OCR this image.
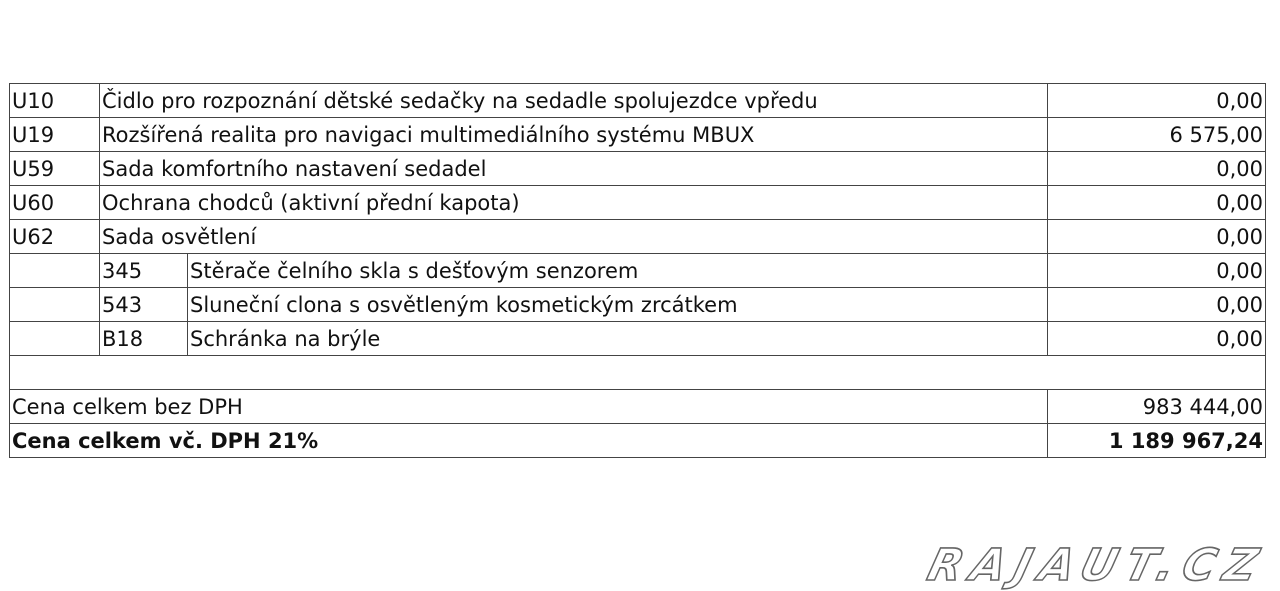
U10	Čidlo pro rozpoznání dětské sedačky na sedadle spolujezdce vpředu		0,00
U19	Rozšířená realita pro navigaci multimediálního systému MBUX		6 575,00
U59	Sada komfortního nastavení sedadel		0,00
U60	Ochrana chodců (aktivní přední kapota)		0,00
U62	Sada osvětlení		0,00
	345	Stěrače čelního skla s dešťovým senzorem	0,00
	543	Sluneční clona s osvětleným kosmetickým zrcátkem	0,00
	B18	Schránka na brýle	0,00

Cena celkem bez DPH			983 444,00
Cena celkem vč. DPH 21%			1 189 967,24
RAJAUT.CZ
